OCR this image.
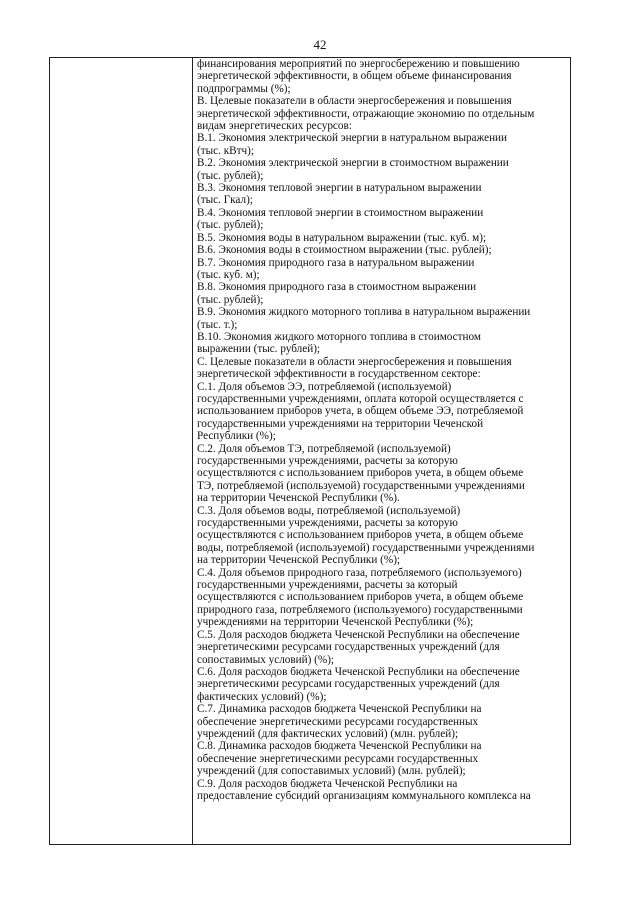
42

финансирования мероприятий по энергосбережению и повышению
энергетической эффективности, в общем объеме финансирования
подпрограммы (%);
В. Целевые показатели в области энергосбережения и повышения
энергетической эффективности, отражающие экономию по отдельным
видам энергетических ресурсов:
В.1. Экономия электрической энергии в натуральном выражении
(тыс. кВтч);
В.2. Экономия электрической энергии в стоимостном выражении
(тыс. рублей);
В.3. Экономия тепловой энергии в натуральном выражении
(тыс. Гкал);
В.4. Экономия тепловой энергии в стоимостном выражении
(тыс. рублей);
В.5. Экономия воды в натуральном выражении (тыс. куб. м);
В.6. Экономия воды в стоимостном выражении (тыс. рублей);
В.7. Экономия природного газа в натуральном выражении
(тыс. куб. м);
В.8. Экономия природного газа в стоимостном выражении
(тыс. рублей);
В.9. Экономия жидкого моторного топлива в натуральном выражении
(тыс. т.);
В.10. Экономия жидкого моторного топлива в стоимостном
выражении (тыс. рублей);
С. Целевые показатели в области энергосбережения и повышения
энергетической эффективности в государственном секторе:
С.1. Доля объемов ЭЭ, потребляемой (используемой)
государственными учреждениями, оплата которой осуществляется с
использованием приборов учета, в общем объеме ЭЭ, потребляемой
государственными учреждениями на территории Чеченской
Республики (%);
С.2. Доля объемов ТЭ, потребляемой (используемой)
государственными учреждениями, расчеты за которую
осуществляются с использованием приборов учета, в общем объеме
ТЭ, потребляемой (используемой) государственными учреждениями
на территории Чеченской Республики (%).
С.3. Доля объемов воды, потребляемой (используемой)
государственными учреждениями, расчеты за которую
осуществляются с использованием приборов учета, в общем объеме
воды, потребляемой (используемой) государственными учреждениями
на территории Чеченской Республики (%);
С.4. Доля объемов природного газа, потребляемого (используемого)
государственными учреждениями, расчеты за который
осуществляются с использованием приборов учета, в общем объеме
природного газа, потребляемого (используемого) государственными
учреждениями на территории Чеченской Республики (%);
С.5. Доля расходов бюджета Чеченской Республики на обеспечение
энергетическими ресурсами государственных учреждений (для
сопоставимых условий) (%);
С.6. Доля расходов бюджета Чеченской Республики на обеспечение
энергетическими ресурсами государственных учреждений (для
фактических условий) (%);
С.7. Динамика расходов бюджета Чеченской Республики на
обеспечение энергетическими ресурсами государственных
учреждений (для фактических условий) (млн. рублей);
С.8. Динамика расходов бюджета Чеченской Республики на
обеспечение энергетическими ресурсами государственных
учреждений (для сопоставимых условий) (млн. рублей);
С.9. Доля расходов бюджета Чеченской Республики на
предоставление субсидий организациям коммунального комплекса на
